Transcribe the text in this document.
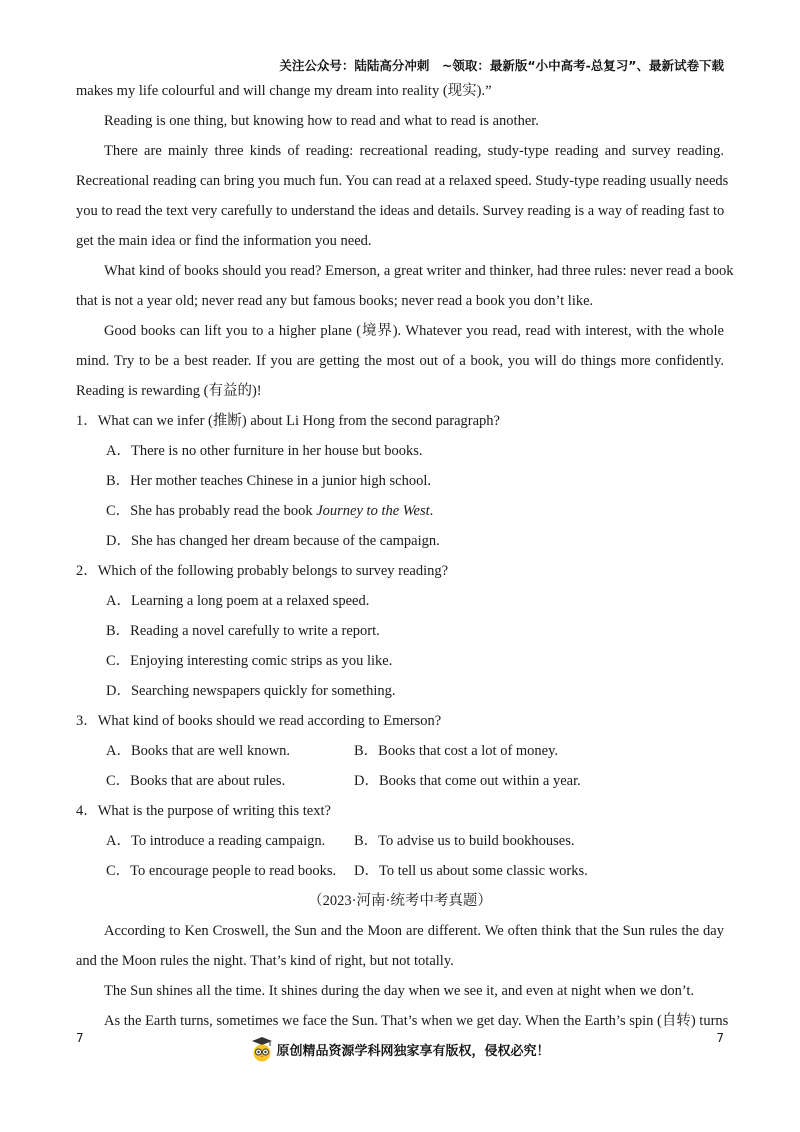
关注公众号：陆陆高分冲刺　~领取：最新版“小中高考-总复习”、最新试卷下载
makes my life colourful and will change my dream into reality (现实).”
Reading is one thing, but knowing how to read and what to read is another.
There are mainly three kinds of reading: recreational reading, study-type reading and survey reading.
Recreational reading can bring you much fun. You can read at a relaxed speed. Study-type reading usually needs
you to read the text very carefully to understand the ideas and details. Survey reading is a way of reading fast to
get the main idea or find the information you need.
What kind of books should you read? Emerson, a great writer and thinker, had three rules: never read a book
that is not a year old; never read any but famous books; never read a book you don’t like.
Good books can lift you to a higher plane (境界). Whatever you read, read with interest, with the whole
mind. Try to be a best reader. If you are getting the most out of a book, you will do things more confidently.
Reading is rewarding (有益的)!
1．What can we infer (推断) about Li Hong from the second paragraph?
A．There is no other furniture in her house but books.
B．Her mother teaches Chinese in a junior high school.
C．She has probably read the book Journey to the West.
D．She has changed her dream because of the campaign.
2．Which of the following probably belongs to survey reading?
A．Learning a long poem at a relaxed speed.
B．Reading a novel carefully to write a report.
C．Enjoying interesting comic strips as you like.
D．Searching newspapers quickly for something.
3．What kind of books should we read according to Emerson?
A．Books that are well known.	B．Books that cost a lot of money.
C．Books that are about rules.	D．Books that come out within a year.
4．What is the purpose of writing this text?
A．To introduce a reading campaign. B．To advise us to build bookhouses.
C．To encourage people to read books. D．To tell us about some classic works.
（2023·河南·统考中考真题）
According to Ken Croswell, the Sun and the Moon are different. We often think that the Sun rules the day
and the Moon rules the night. That’s kind of right, but not totally.
The Sun shines all the time. It shines during the day when we see it, and even at night when we don’t.
As the Earth turns, sometimes we face the Sun. That’s when we get day. When the Earth’s spin (自转) turns
7	7
原创精品资源学科网独家享有版权，侵权必究！
